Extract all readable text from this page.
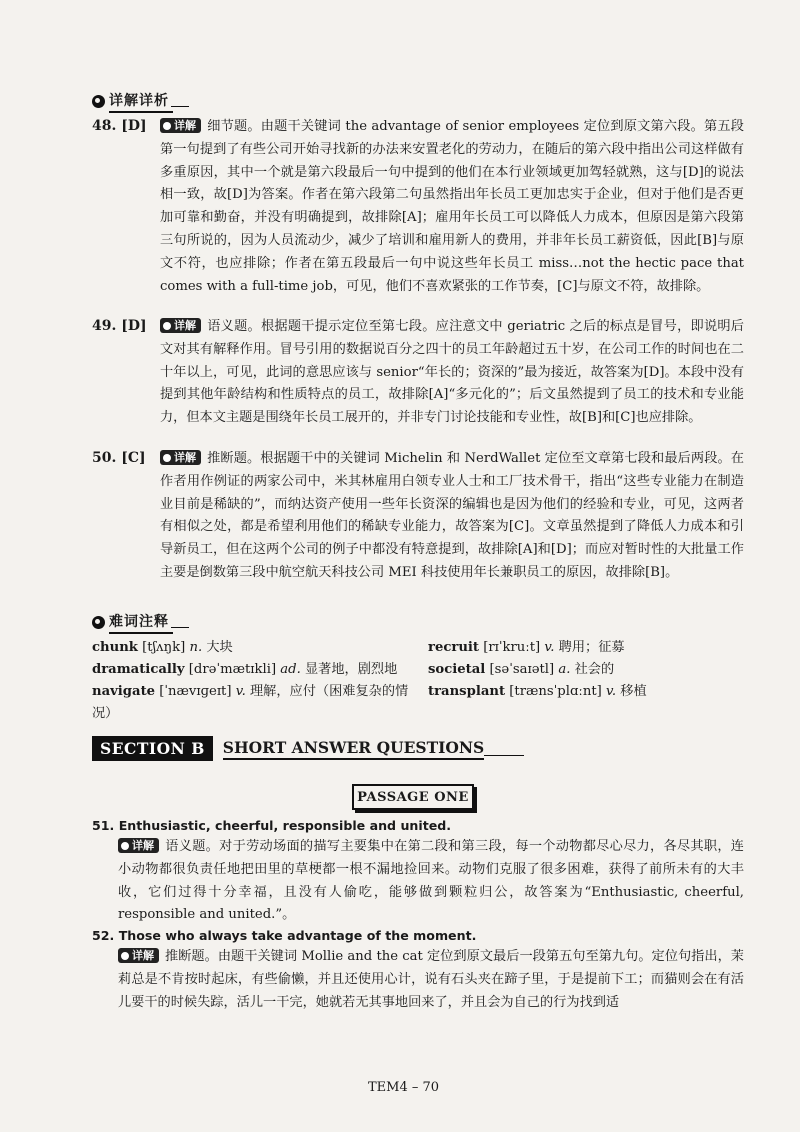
详解详析
48. [D]	详解 细节题。由题干关键词 the advantage of senior employees 定位到原文第六段。第五段第一句提到了有些公司开始寻找新的办法来安置老化的劳动力，在随后的第六段中指出公司这样做有多重原因，其中一个就是第六段最后一句中提到的他们在本行业领域更加驾轻就熟，这与[D]的说法相一致，故[D]为答案。作者在第六段第二句虽然指出年长员工更加忠实于企业，但对于他们是否更加可靠和勤奋，并没有明确提到，故排除[A]；雇用年长员工可以降低人力成本，但原因是第六段第三句所说的，因为人员流动少，减少了培训和雇用新人的费用，并非年长员工薪资低，因此[B]与原文不符，也应排除；作者在第五段最后一句中说这些年长员工 miss…not the hectic pace that comes with a full-time job，可见，他们不喜欢紧张的工作节奏，[C]与原文不符，故排除。
49. [D]	详解 语义题。根据题干提示定位至第七段。应注意文中 geriatric 之后的标点是冒号，即说明后文对其有解释作用。冒号引用的数据说百分之四十的员工年龄超过五十岁，在公司工作的时间也在二十年以上，可见，此词的意思应该与 senior“年长的；资深的”最为接近，故答案为[D]。本段中没有提到其他年龄结构和性质特点的员工，故排除[A]“多元化的”；后文虽然提到了员工的技术和专业能力，但本文主题是围绕年长员工展开的，并非专门讨论技能和专业性，故[B]和[C]也应排除。
50. [C]	详解 推断题。根据题干中的关键词 Michelin 和 NerdWallet 定位至文章第七段和最后两段。在作者用作例证的两家公司中，米其林雇用白领专业人士和工厂技术骨干，指出“这些专业能力在制造业目前是稀缺的”，而纳达资产使用一些年长资深的编辑也是因为他们的经验和专业，可见，这两者有相似之处，都是希望利用他们的稀缺专业能力，故答案为[C]。文章虽然提到了降低人力成本和引导新员工，但在这两个公司的例子中都没有特意提到，故排除[A]和[D]；而应对暂时性的大批量工作主要是倒数第三段中航空航天科技公司 MEI 科技使用年长兼职员工的原因，故排除[B]。
难词注释
chunk [tʃʌŋk] n. 大块
dramatically [drəˈmætɪkli] ad. 显著地，剧烈地
navigate [ˈnævɪɡeɪt] v. 理解，应付（困难复杂的情况）
recruit [rɪˈkruːt] v. 聘用；征募
societal [səˈsaɪətl] a. 社会的
transplant [trænsˈplɑːnt] v. 移植
SECTION B	SHORT ANSWER QUESTIONS
PASSAGE ONE
51. Enthusiastic, cheerful, responsible and united.
详解 语义题。对于劳动场面的描写主要集中在第二段和第三段，每一个动物都尽心尽力，各尽其职，连小动物都很负责任地把田里的草梗都一根不漏地捡回来。动物们克服了很多困难，获得了前所未有的大丰收，它们过得十分幸福，且没有人偷吃，能够做到颗粒归公，故答案为“Enthusiastic, cheerful, responsible and united.”。
52. Those who always take advantage of the moment.
详解 推断题。由题干关键词 Mollie and the cat 定位到原文最后一段第五句至第九句。定位句指出，茉莉总是不肯按时起床，有些偷懒，并且还使用心计，说有石头夹在蹄子里，于是提前下工；而猫则会在有活儿要干的时候失踪，活儿一干完，她就若无其事地回来了，并且会为自己的行为找到适
TEM4 – 70
